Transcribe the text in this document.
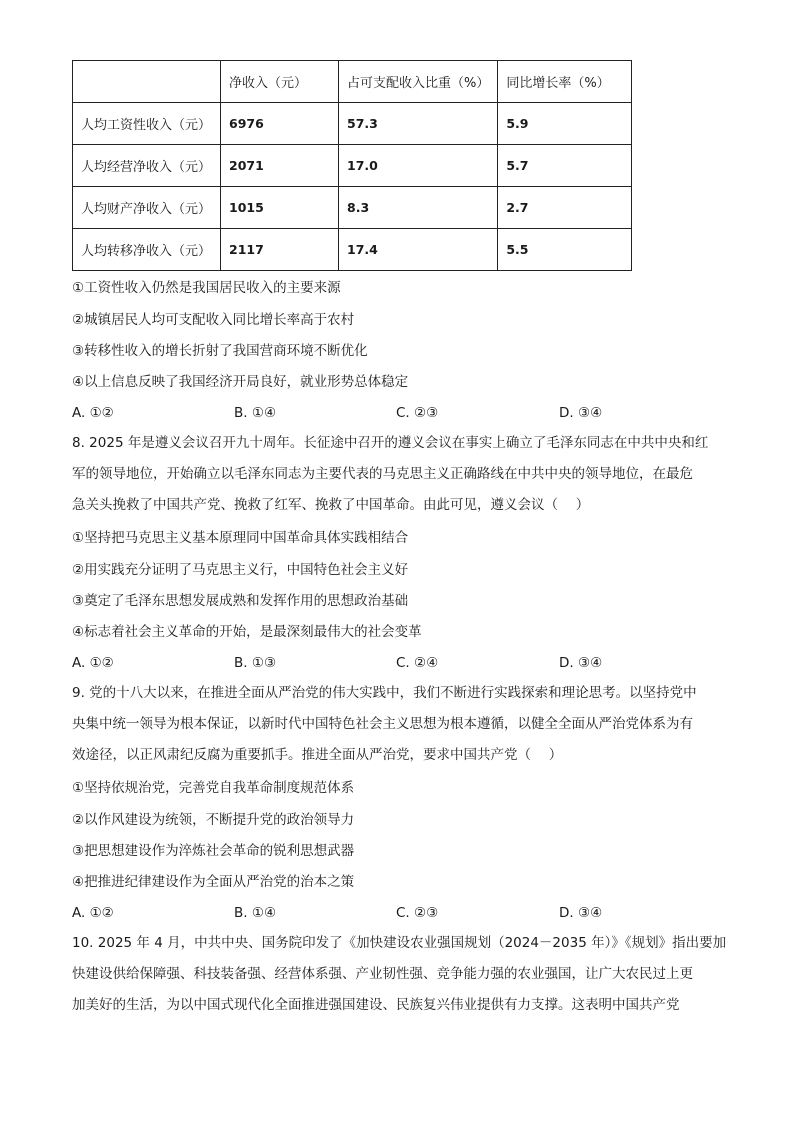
	净收入（元）	占可支配收入比重（%）	同比增长率（%）
人均工资性收入（元）	6976	57.3	5.9
人均经营净收入（元）	2071	17.0	5.7
人均财产净收入（元）	1015	8.3	2.7
人均转移净收入（元）	2117	17.4	5.5
①工资性收入仍然是我国居民收入的主要来源
②城镇居民人均可支配收入同比增长率高于农村
③转移性收入的增长折射了我国营商环境不断优化
④以上信息反映了我国经济开局良好，就业形势总体稳定
A. ①②	B. ①④	C. ②③	D. ③④
8. 2025 年是遵义会议召开九十周年。长征途中召开的遵义会议在事实上确立了毛泽东同志在中共中央和红
军的领导地位，开始确立以毛泽东同志为主要代表的马克思主义正确路线在中共中央的领导地位，在最危
急关头挽救了中国共产党、挽救了红军、挽救了中国革命。由此可见，遵义会议（　 ）
①坚持把马克思主义基本原理同中国革命具体实践相结合
②用实践充分证明了马克思主义行，中国特色社会主义好
③奠定了毛泽东思想发展成熟和发挥作用的思想政治基础
④标志着社会主义革命的开始，是最深刻最伟大的社会变革
A. ①②	B. ①③	C. ②④	D. ③④
9. 党的十八大以来，在推进全面从严治党的伟大实践中，我们不断进行实践探索和理论思考。以坚持党中
央集中统一领导为根本保证，以新时代中国特色社会主义思想为根本遵循，以健全全面从严治党体系为有
效途径，以正风肃纪反腐为重要抓手。推进全面从严治党，要求中国共产党（　 ）
①坚持依规治党，完善党自我革命制度规范体系
②以作风建设为统领，不断提升党的政治领导力
③把思想建设作为淬炼社会革命的锐利思想武器
④把推进纪律建设作为全面从严治党的治本之策
A. ①②	B. ①④	C. ②③	D. ③④
10. 2025 年 4 月，中共中央、国务院印发了《加快建设农业强国规划（2024－2035 年）》《规划》指出要加
快建设供给保障强、科技装备强、经营体系强、产业韧性强、竞争能力强的农业强国，让广大农民过上更
加美好的生活，为以中国式现代化全面推进强国建设、民族复兴伟业提供有力支撑。这表明中国共产党
